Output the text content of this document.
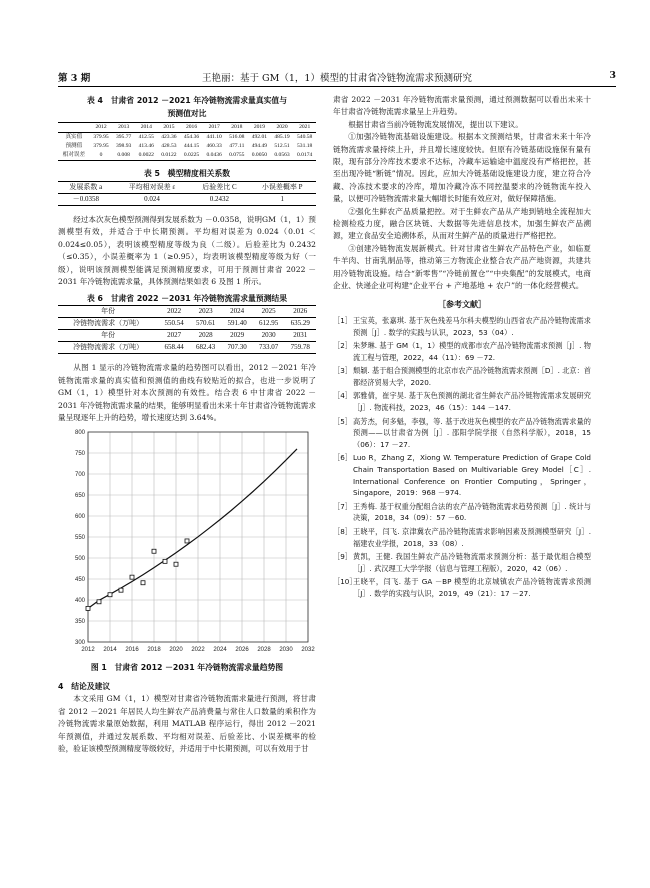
第 3 期	王艳丽：基于 GM（1，1）模型的甘肃省冷链物流需求预测研究	3
表 4　甘肃省 2012 －2021 年冷链物流需求量真实值与
预测值对比
	2012	2013	2014	2015	2016	2017	2018	2019	2020	2021
真实值	379.95	395.77	412.55	423.36	454.36	441.10	516.08	492.01	485.19	540.58
预测值	379.95	398.93	413.46	428.53	444.15	460.33	477.11	494.49	512.51	531.18
相对误差	0	0.008	0.0022	0.0122	0.0225	0.0436	0.0755	0.0050	0.0563	0.0174
表 5　模型精度相关系数
发展系数 a	平均相对误差 ε	后验差比 C	小误差概率 P
－0.0358	0.024	0.2432	1

经过本次灰色模型预测得到发展系数为 －0.0358，说明GM（1，1）预测模型有效，并适合于中长期预测。平均相对误差为 0.024（0.01 ＜0.024≤0.05），表明该模型精度等级为良（二级）。后验差比为 0.2432（≤0.35），小误差概率为 1（≥0.95），均表明该模型精度等级为好（一级），说明该预测模型能满足预测精度要求，可用于预测甘肃省 2022 －2031 年冷链物流需求量，具体预测结果如表 6 及图 1 所示。

表 6　甘肃省 2022 －2031 年冷链物流需求量预测结果
年份	2022	2023	2024	2025	2026
冷链物流需求（万吨）	550.54	570.61	591.40	612.95	635.29
年份	2027	2028	2029	2030	2031
冷链物流需求（万吨）	658.44	682.43	707.30	733.07	759.78

从图 1 显示的冷链物流需求量的趋势图可以看出，2012 －2021 年冷链物流需求量的真实值和预测值的曲线有较贴近的拟合，也进一步说明了 GM（1，1）模型针对本次预测的有效性。结合表 6 中甘肃省 2022 － 2031 年冷链物流需求量的结果，能够明显看出未来十年甘肃省冷链物流需求量呈现逐年上升的趋势，增长速度达到 3.64%。

300
350
400
450
500
550
600
650
700
750
800
2012 2014 2016 2018 2020 2022 2024 2026 2028 2030 2032
图 1　甘肃省 2012 －2031 年冷链物流需求量趋势图
4　结论及建议

本文采用 GM（1，1）模型对甘肃省冷链物流需求量进行预测，将甘肃省 2012 －2021 年居民人均生鲜农产品消费量与常住人口数量的乘积作为冷链物流需求量原始数据，利用 MATLAB 程序运行，得出 2012 －2021 年预测值，并通过发展系数、平均相对误差、后验差比、小误差概率的检验，验证该模型预测精度等级较好，并适用于中长期预测，可以有效用于甘

肃省 2022 －2031 年冷链物流需求量预测，通过预测数据可以看出未来十年甘肃省冷链物流需求量呈上升趋势。

根据甘肃省当前冷链物流发展情况，提出以下建议。

①加强冷链物流基础设施建设。根据本文预测结果，甘肃省未来十年冷链物流需求量持续上升，并且增长速度较快。但原有冷链基础设施保有量有限，现有部分冷库技术要求不达标，冷藏车运输途中温度没有严格把控，甚至出现冷链“断链”情况。因此，应加大冷链基础设施建设力度，建立符合冷藏、冷冻技术要求的冷库，增加冷藏冷冻不同控温要求的冷链物流车投入量，以便可冷链物流需求量大幅增长时能有效应对，做好保障措施。

②强化生鲜农产品质量把控。对于生鲜农产品从产地到销地全流程加大检测检疫力度，融合区块链、大数据等先进信息技术，加强生鲜农产品溯源，建立食品安全追溯体系，从而对生鲜产品的质量进行严格把控。

③创建冷链物流发展新模式。针对甘肃省生鲜农产品特色产业，如临夏牛羊肉、甘南乳制品等，推动第三方物流企业整合农产品产地资源，共建共用冷链物流设施。结合“新零售”“冷链前置仓”“中央集配”的发展模式，电商企业、快递企业可构建“企业平台 + 产地基地 + 农户”的一体化经营模式。

［参考文献］
［1］ 王宝英，张嘉琪. 基于灰色残差马尔科夫模型的山西省农产品冷链物流需求预测［J］. 数学的实践与认识，2023，53（04）.
［2］ 朱梦琳. 基于 GM（1，1）模型的成都市农产品冷链物流需求预测［J］. 物流工程与管理，2022，44（11）：69 －72.
［3］ 颓颖. 基于组合预测模型的北京市农产品冷链物流需求预测［D］. 北京：首都经济贸易大学，2020.
［4］ 郭雅倩，崔宇昊. 基于灰色预测的湖北省生鲜农产品冷链物流需求发展研究［J］. 物流科技，2023，46（15）：144 －147.
［5］ 高芳杰，何多魁，李强，等. 基于改进灰色模型的农产品冷链物流需求量的预测——以甘肃省为例［J］. 邵阳学院学报（自然科学版），2018，15（06）：17 －27.
［6］ Luo R，Zhang Z，Xiong W. Temperature Prediction of Grape Cold Chain Transportation Based on Multivariable Grey Model［C］. International Conference on Frontier Computing，Springer，Singapore，2019：968 －974.
［7］ 王秀梅. 基于权重分配组合法的农产品冷链物流需求趋势预测［J］. 统计与决策，2018，34（09）：57 －60.
［8］ 王晓平，闫飞. 京津冀农产品冷链物流需求影响因素及预测模型研究［J］. 福建农业学报，2018，33（08）.
［9］ 黄凯，王健. 我国生鲜农产品冷链物流需求预测分析：基于最优组合模型［J］. 武汉理工大学学报（信息与管理工程版），2020，42（06）.
［10］
王晓平，闫飞. 基于 GA －BP 模型的北京城镇农产品冷链物流需求预测［J］. 数学的实践与认识，2019，49（21）：17 －27.
